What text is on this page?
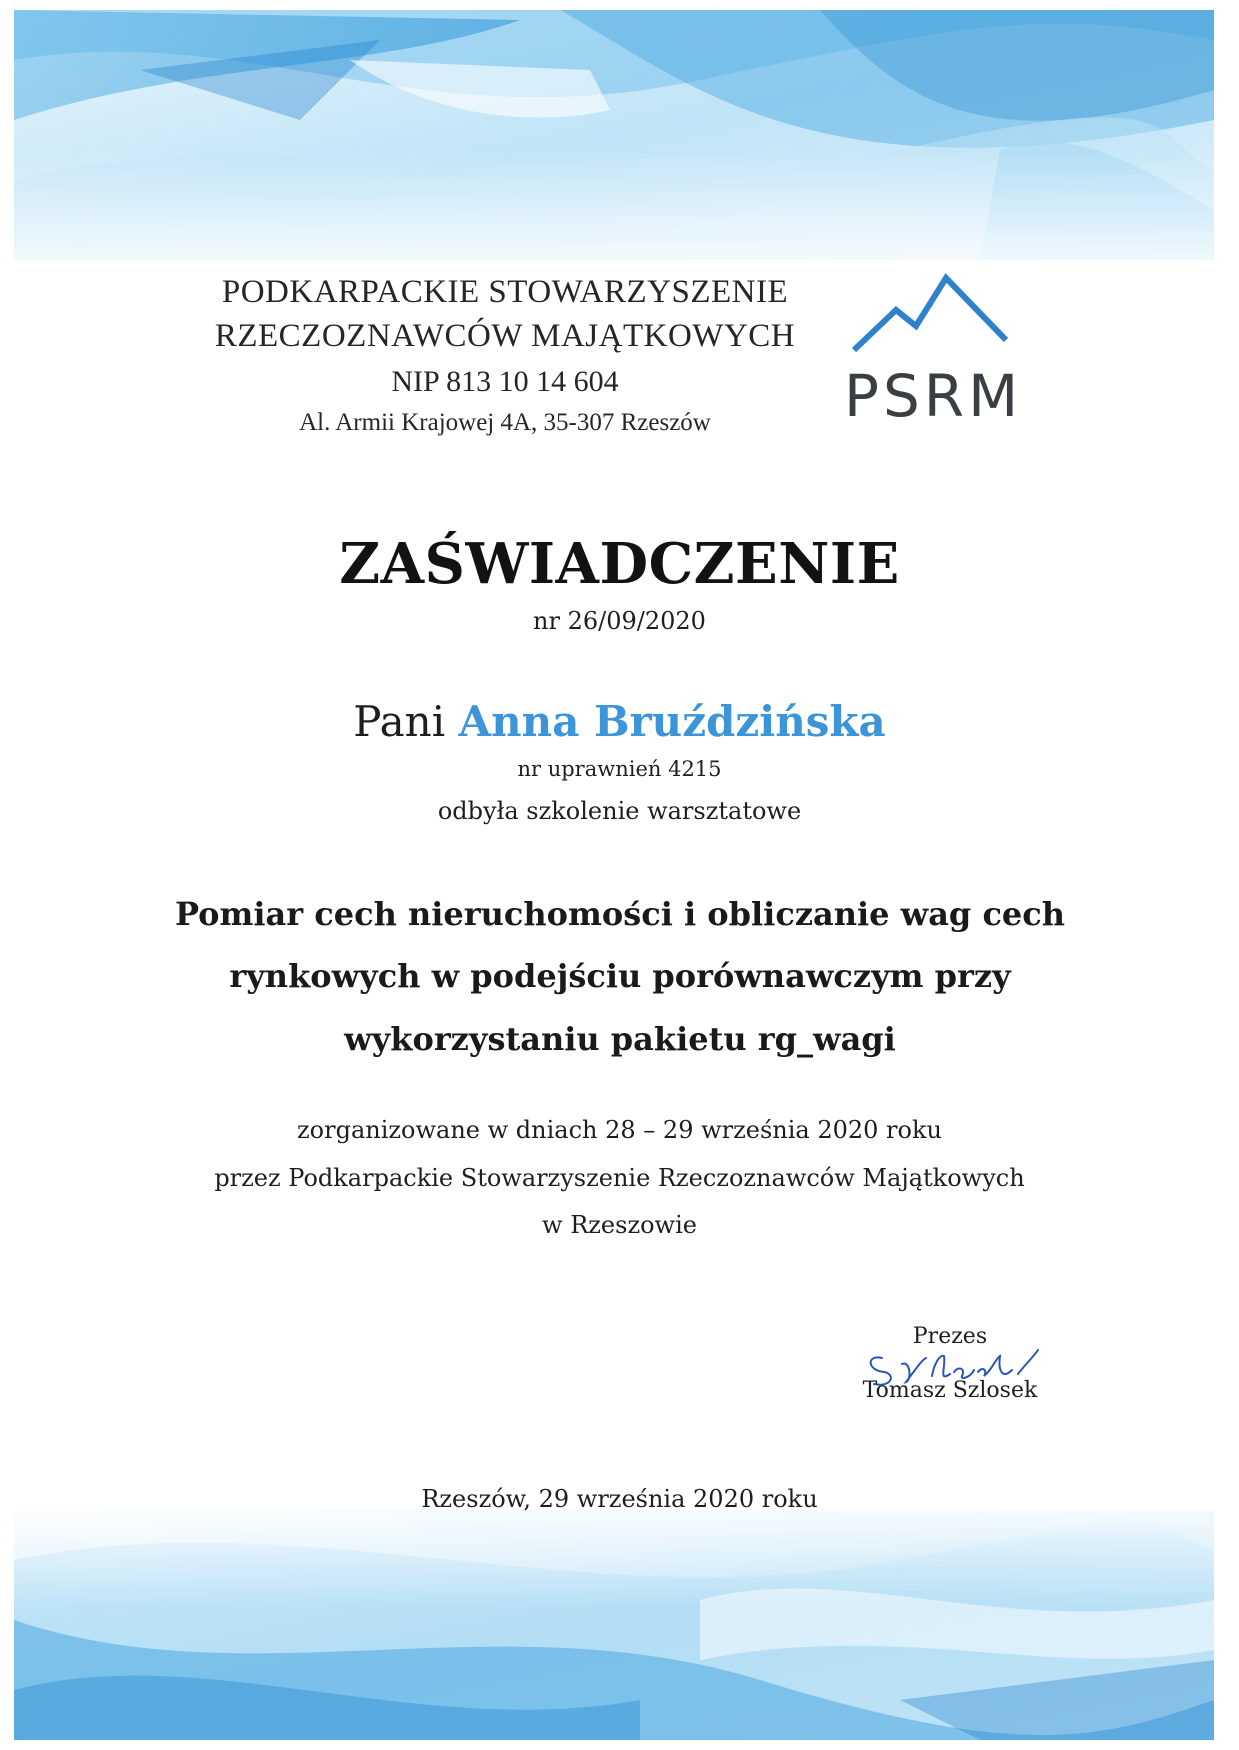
PODKARPACKIE STOWARZYSZENIE
RZECZOZNAWCÓW MAJĄTKOWYCH
NIP 813 10 14 604
Al. Armii Krajowej 4A, 35-307 Rzeszów	PSRM
ZAŚWIADCZENIE
nr 26/09/2020
Pani Anna Bruździńska
nr uprawnień 4215
odbyła szkolenie warsztatowe
Pomiar cech nieruchomości i obliczanie wag cech
rynkowych w podejściu porównawczym przy
wykorzystaniu pakietu rg_wagi
zorganizowane w dniach 28 – 29 września 2020 roku
przez Podkarpackie Stowarzyszenie Rzeczoznawców Majątkowych
w Rzeszowie
Prezes
Tomasz Szlosek
Rzeszów, 29 września 2020 roku
